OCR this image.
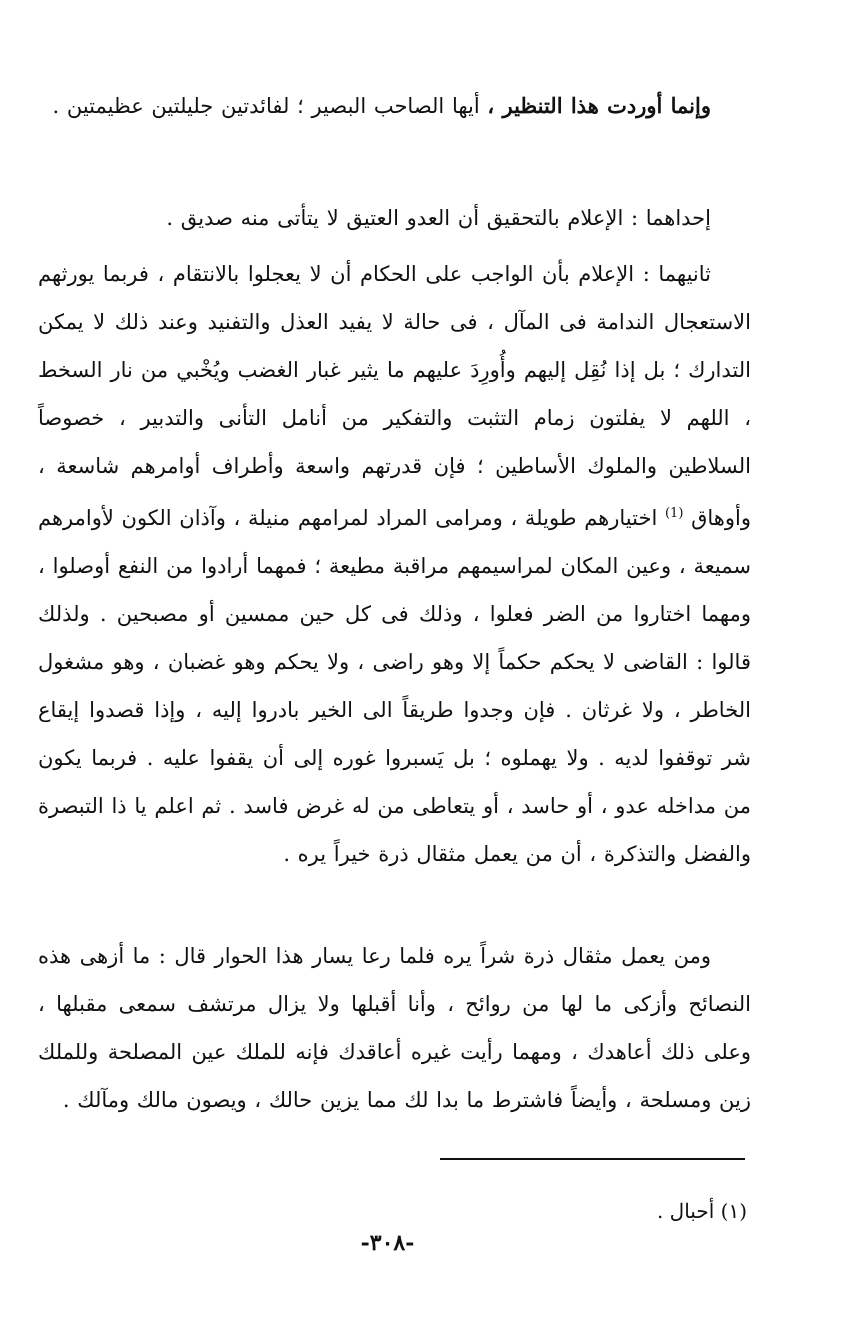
وإنما أوردت هذا التنظير ، أيها الصاحب البصير ؛ لفائدتين جليلتين عظيمتين .

إحداهما : الإعلام بالتحقيق أن العدو العتيق لا يتأتى منه صديق .

ثانيهما : الإعلام بأن الواجب على الحكام أن لا يعجلوا بالانتقام ، فربما يورثهم الاستعجال الندامة فى المآل ، فى حالة لا يفيد العذل والتفنيد وعند ذلك لا يمكن التدارك ؛ بل إذا نُقِل إليهم وأُورِدَ عليهم ما يثير غبار الغضب ويُخْبي من نار السخط ، اللهم لا يفلتون زمام التثبت والتفكير من أنامل التأنى والتدبير ، خصوصاً السلاطين والملوك الأساطين ؛ فإن قدرتهم واسعة وأطراف أوامرهم شاسعة ، وأوهاق $^{(1)}$ اختيارهم طويلة ، ومرامى المراد لمرامهم منيلة ، وآذان الكون لأوامرهم سميعة ، وعين المكان لمراسيمهم مراقبة مطيعة ؛ فمهما أرادوا من النفع أوصلوا ، ومهما اختاروا من الضر فعلوا ، وذلك فى كل حين ممسين أو مصبحين . ولذلك قالوا : القاضى لا يحكم حكماً إلا وهو راضى ، ولا يحكم وهو غضبان ، وهو مشغول الخاطر ، ولا غرثان . فإن وجدوا طريقاً الى الخير بادروا إليه ، وإذا قصدوا إيقاع شر توقفوا لديه . ولا يهملوه ؛ بل يَسبروا غوره إلى أن يقفوا عليه . فربما يكون من مداخله عدو ، أو حاسد ، أو يتعاطى من له غرض فاسد . ثم اعلم يا ذا التبصرة والفضل والتذكرة ، أن من يعمل مثقال ذرة خيراً يره .

ومن يعمل مثقال ذرة شراً يره فلما رعا يسار هذا الحوار قال : ما أزهى هذه النصائح وأزكى ما لها من روائح ، وأنا أقبلها ولا يزال مرتشف سمعى مقبلها ، وعلى ذلك أعاهدك ، ومهما رأيت غيره أعاقدك فإنه للملك عين المصلحة وللملك زين ومسلحة ، وأيضاً فاشترط ما بدا لك مما يزين حالك ، ويصون مالك ومآلك .

(١) أحبال .
-٣٠٨-
